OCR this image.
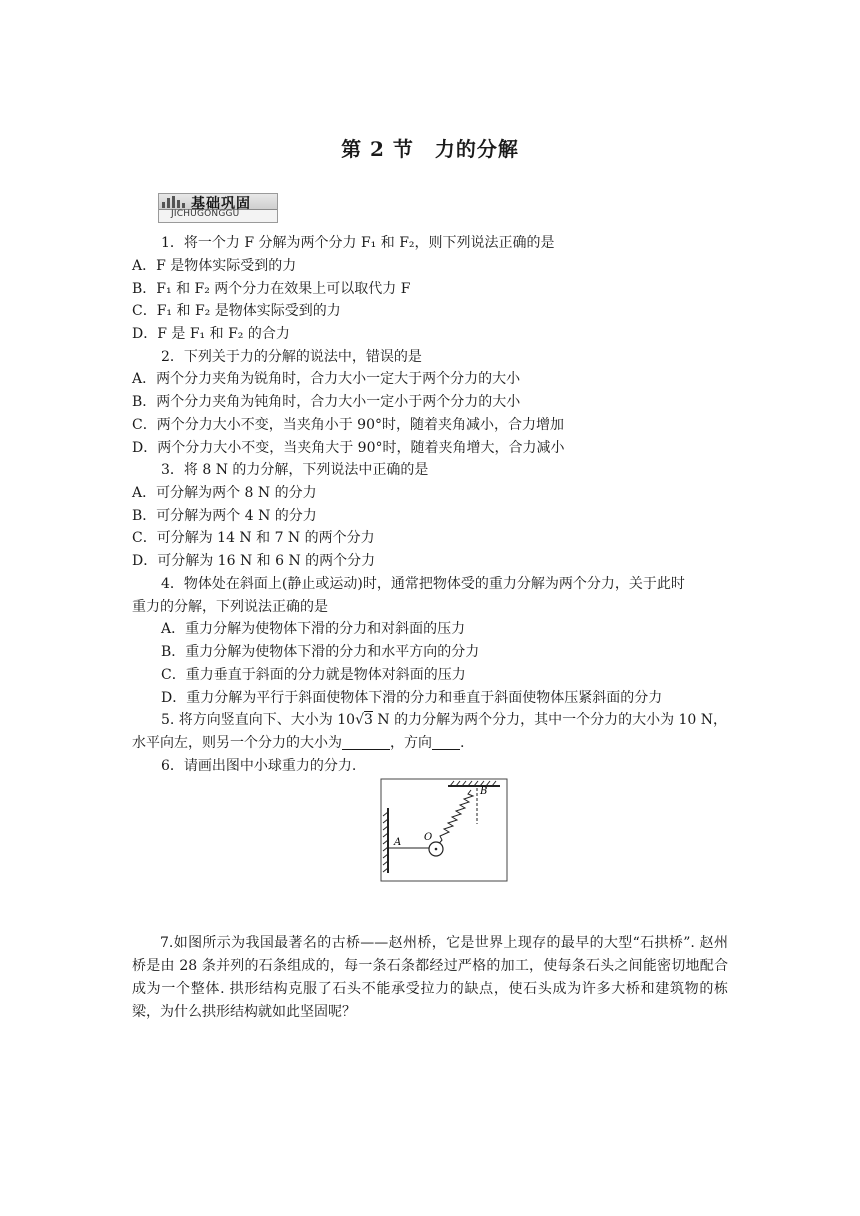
第 2 节　力的分解
基础巩固
JICHUGONGGU
1．将一个力 F 分解为两个分力 F₁ 和 F₂，则下列说法正确的是
A．F 是物体实际受到的力
B．F₁ 和 F₂ 两个分力在效果上可以取代力 F
C．F₁ 和 F₂ 是物体实际受到的力
D．F 是 F₁ 和 F₂ 的合力
2．下列关于力的分解的说法中，错误的是
A．两个分力夹角为锐角时，合力大小一定大于两个分力的大小
B．两个分力夹角为钝角时，合力大小一定小于两个分力的大小
C．两个分力大小不变，当夹角小于 90°时，随着夹角减小，合力增加
D．两个分力大小不变，当夹角大于 90°时，随着夹角增大，合力减小
3．将 8 N 的力分解，下列说法中正确的是
A．可分解为两个 8 N 的分力
B．可分解为两个 4 N 的分力
C．可分解为 14 N 和 7 N 的两个分力
D．可分解为 16 N 和 6 N 的两个分力
4．物体处在斜面上(静止或运动)时，通常把物体受的重力分解为两个分力，关于此时
重力的分解，下列说法正确的是
A．重力分解为使物体下滑的分力和对斜面的压力
B．重力分解为使物体下滑的分力和水平方向的分力
C．重力垂直于斜面的分力就是物体对斜面的压力
D．重力分解为平行于斜面使物体下滑的分力和垂直于斜面使物体压紧斜面的分力
5. 将方向竖直向下、大小为 10√3 N 的力分解为两个分力，其中一个分力的大小为 10 N，
水平向左，则另一个分力的大小为	，方向 .
6．请画出图中小球重力的分力.
A
B
O
7.如图所示为我国最著名的古桥——赵州桥，它是世界上现存的最早的大型“石拱桥”. 赵州桥是由 28 条并列的石条组成的，每一条石条都经过严格的加工，使每条石头之间能密切地配合成为一个整体. 拱形结构克服了石头不能承受拉力的缺点，使石头成为许多大桥和建筑物的栋梁，为什么拱形结构就如此坚固呢？
